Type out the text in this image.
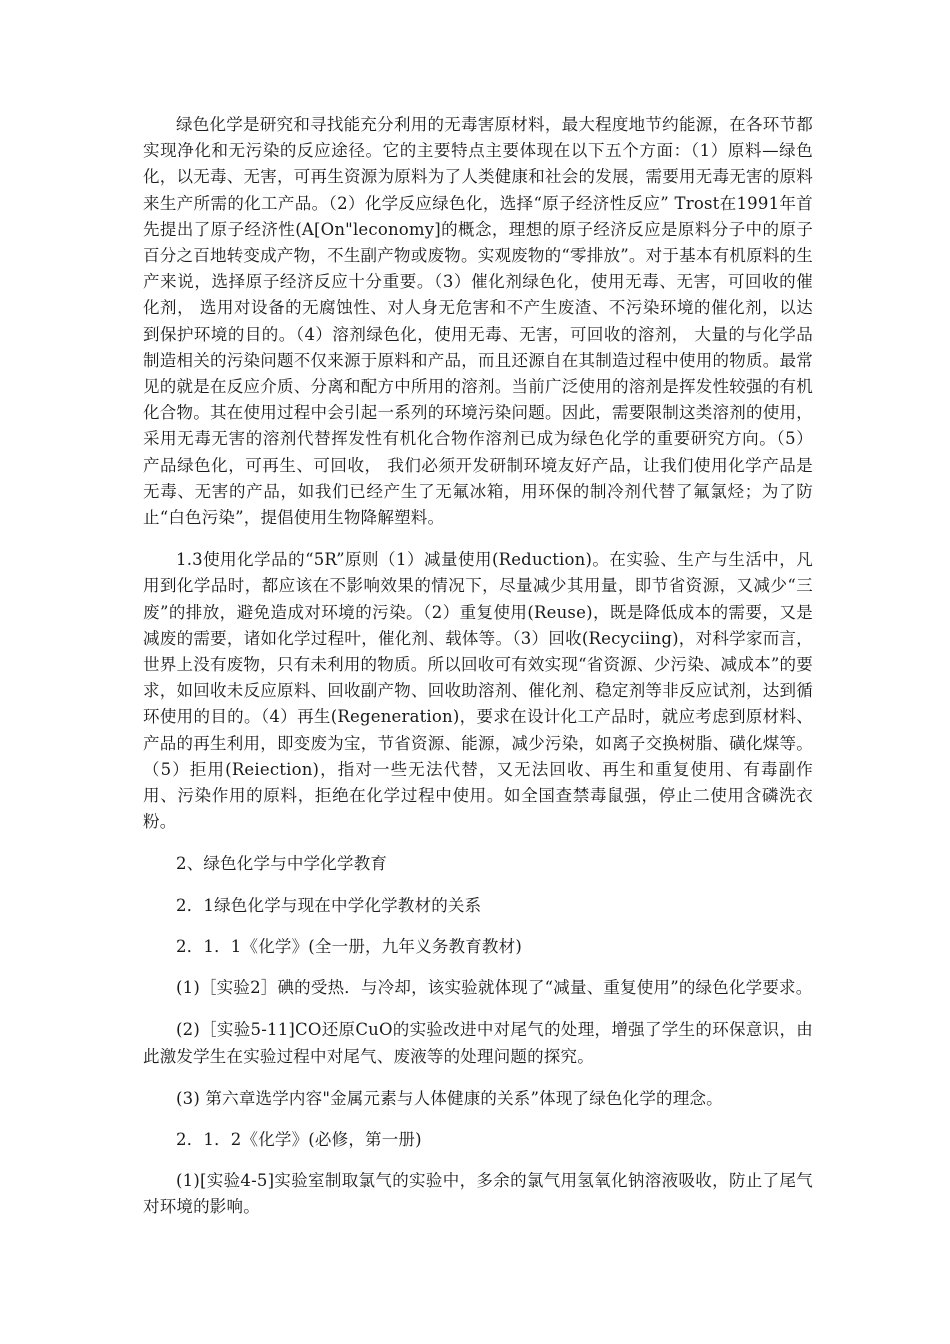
绿色化学是研究和寻找能充分利用的无毒害原材料，最大程度地节约能源，在各环节都实现净化和无污染的反应途径。它的主要特点主要体现在以下五个方面：（1）原料—绿色化，以无毒、无害，可再生资源为原料为了人类健康和社会的发展，需要用无毒无害的原料来生产所需的化工产品。（2）化学反应绿色化，选择“原子经济性反应” Trost在1991年首先提出了原子经济性(A[On"leconomy]的概念，理想的原子经济反应是原料分子中的原子百分之百地转变成产物，不生副产物或废物。实观废物的“零排放”。对于基本有机原料的生产来说，选择原子经济反应十分重要。（3）催化剂绿色化，使用无毒、无害，可回收的催化剂， 选用对设备的无腐蚀性、对人身无危害和不产生废渣、不污染环境的催化剂，以达到保护环境的目的。（4）溶剂绿色化，使用无毒、无害，可回收的溶剂， 大量的与化学品制造相关的污染问题不仅来源于原料和产品，而且还源自在其制造过程中使用的物质。最常见的就是在反应介质、分离和配方中所用的溶剂。当前广泛使用的溶剂是挥发性较强的有机化合物。其在使用过程中会引起一系列的环境污染问题。因此，需要限制这类溶剂的使用，采用无毒无害的溶剂代替挥发性有机化合物作溶剂已成为绿色化学的重要研究方向。（5）产品绿色化，可再生、可回收， 我们必须开发研制环境友好产品，让我们使用化学产品是无毒、无害的产品，如我们已经产生了无氟冰箱，用环保的制冷剂代替了氟氯烃；为了防止“白色污染”，提倡使用生物降解塑料。

1.3使用化学品的“5R”原则（1）减量使用(Reduction)。在实验、生产与生活中，凡用到化学品时，都应该在不影响效果的情况下，尽量减少其用量，即节省资源，又减少“三废”的排放，避免造成对环境的污染。（2）重复使用(Reuse)，既是降低成本的需要，又是减废的需要，诸如化学过程叶，催化剂、载体等。（3）回收(Recyciing)，对科学家而言，世界上没有废物，只有未利用的物质。所以回收可有效实现“省资源、少污染、减成本”的要求，如回收未反应原料、回收副产物、回收助溶剂、催化剂、稳定剂等非反应试剂，达到循环使用的目的。（4）再生(Regeneration)，要求在设计化工产品时，就应考虑到原材料、产品的再生利用，即变废为宝，节省资源、能源，减少污染，如离子交换树脂、磺化煤等。（5）拒用(Reiection)，指对一些无法代替，又无法回收、再生和重复使用、有毒副作用、污染作用的原料，拒绝在化学过程中使用。如全国查禁毒鼠强，停止二使用含磷洗衣粉。

2、绿色化学与中学化学教育

2．1绿色化学与现在中学化学教材的关系

2．1．1《化学》(全一册，九年义务教育教材)

(1)［实验2］碘的受热．与冷却，该实验就体现了“减量、重复使用”的绿色化学要求。

(2)［实验5-11]CO还原CuO的实验改进中对尾气的处理，增强了学生的环保意识，由此激发学生在实验过程中对尾气、废液等的处理问题的探究。

(3) 第六章选学内容"金属元素与人体健康的关系”体现了绿色化学的理念。

2．1．2《化学》(必修，第一册)

(1)[实验4-5]实验室制取氯气的实验中，多余的氯气用氢氧化钠溶液吸收，防止了尾气对环境的影响。
